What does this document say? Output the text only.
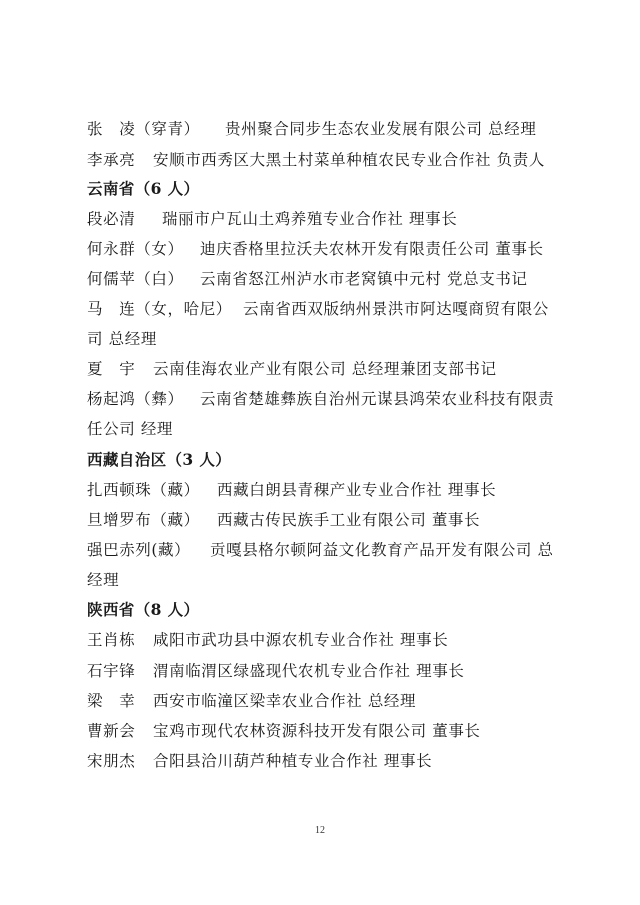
张　凌（穿青） 贵州聚合同步生态农业发展有限公司 总经理
李承亮 安顺市西秀区大黑土村菜单种植农民专业合作社 负责人
云南省（6 人）
段必清 瑞丽市户瓦山土鸡养殖专业合作社 理事长
何永群（女） 迪庆香格里拉沃夫农林开发有限责任公司 董事长
何儒苹（白） 云南省怒江州泸水市老窝镇中元村 党总支书记
马　连（女，哈尼） 云南省西双版纳州景洪市阿达嘎商贸有限公
司 总经理
夏　宇 云南佳海农业产业有限公司 总经理兼团支部书记
杨起鸿（彝） 云南省楚雄彝族自治州元谋县鸿荣农业科技有限责
任公司 经理
西藏自治区（3 人）
扎西顿珠（藏） 西藏白朗县青稞产业专业合作社 理事长
旦增罗布（藏） 西藏古传民族手工业有限公司 董事长
强巴赤列(藏） 贡嘎县格尔顿阿益文化教育产品开发有限公司 总
经理
陕西省（8 人）
王肖栋 咸阳市武功县中源农机专业合作社 理事长
石宇锋 渭南临渭区绿盛现代农机专业合作社 理事长
梁　幸 西安市临潼区梁幸农业合作社 总经理
曹新会 宝鸡市现代农林资源科技开发有限公司 董事长
宋朋杰 合阳县洽川葫芦种植专业合作社 理事长
12
